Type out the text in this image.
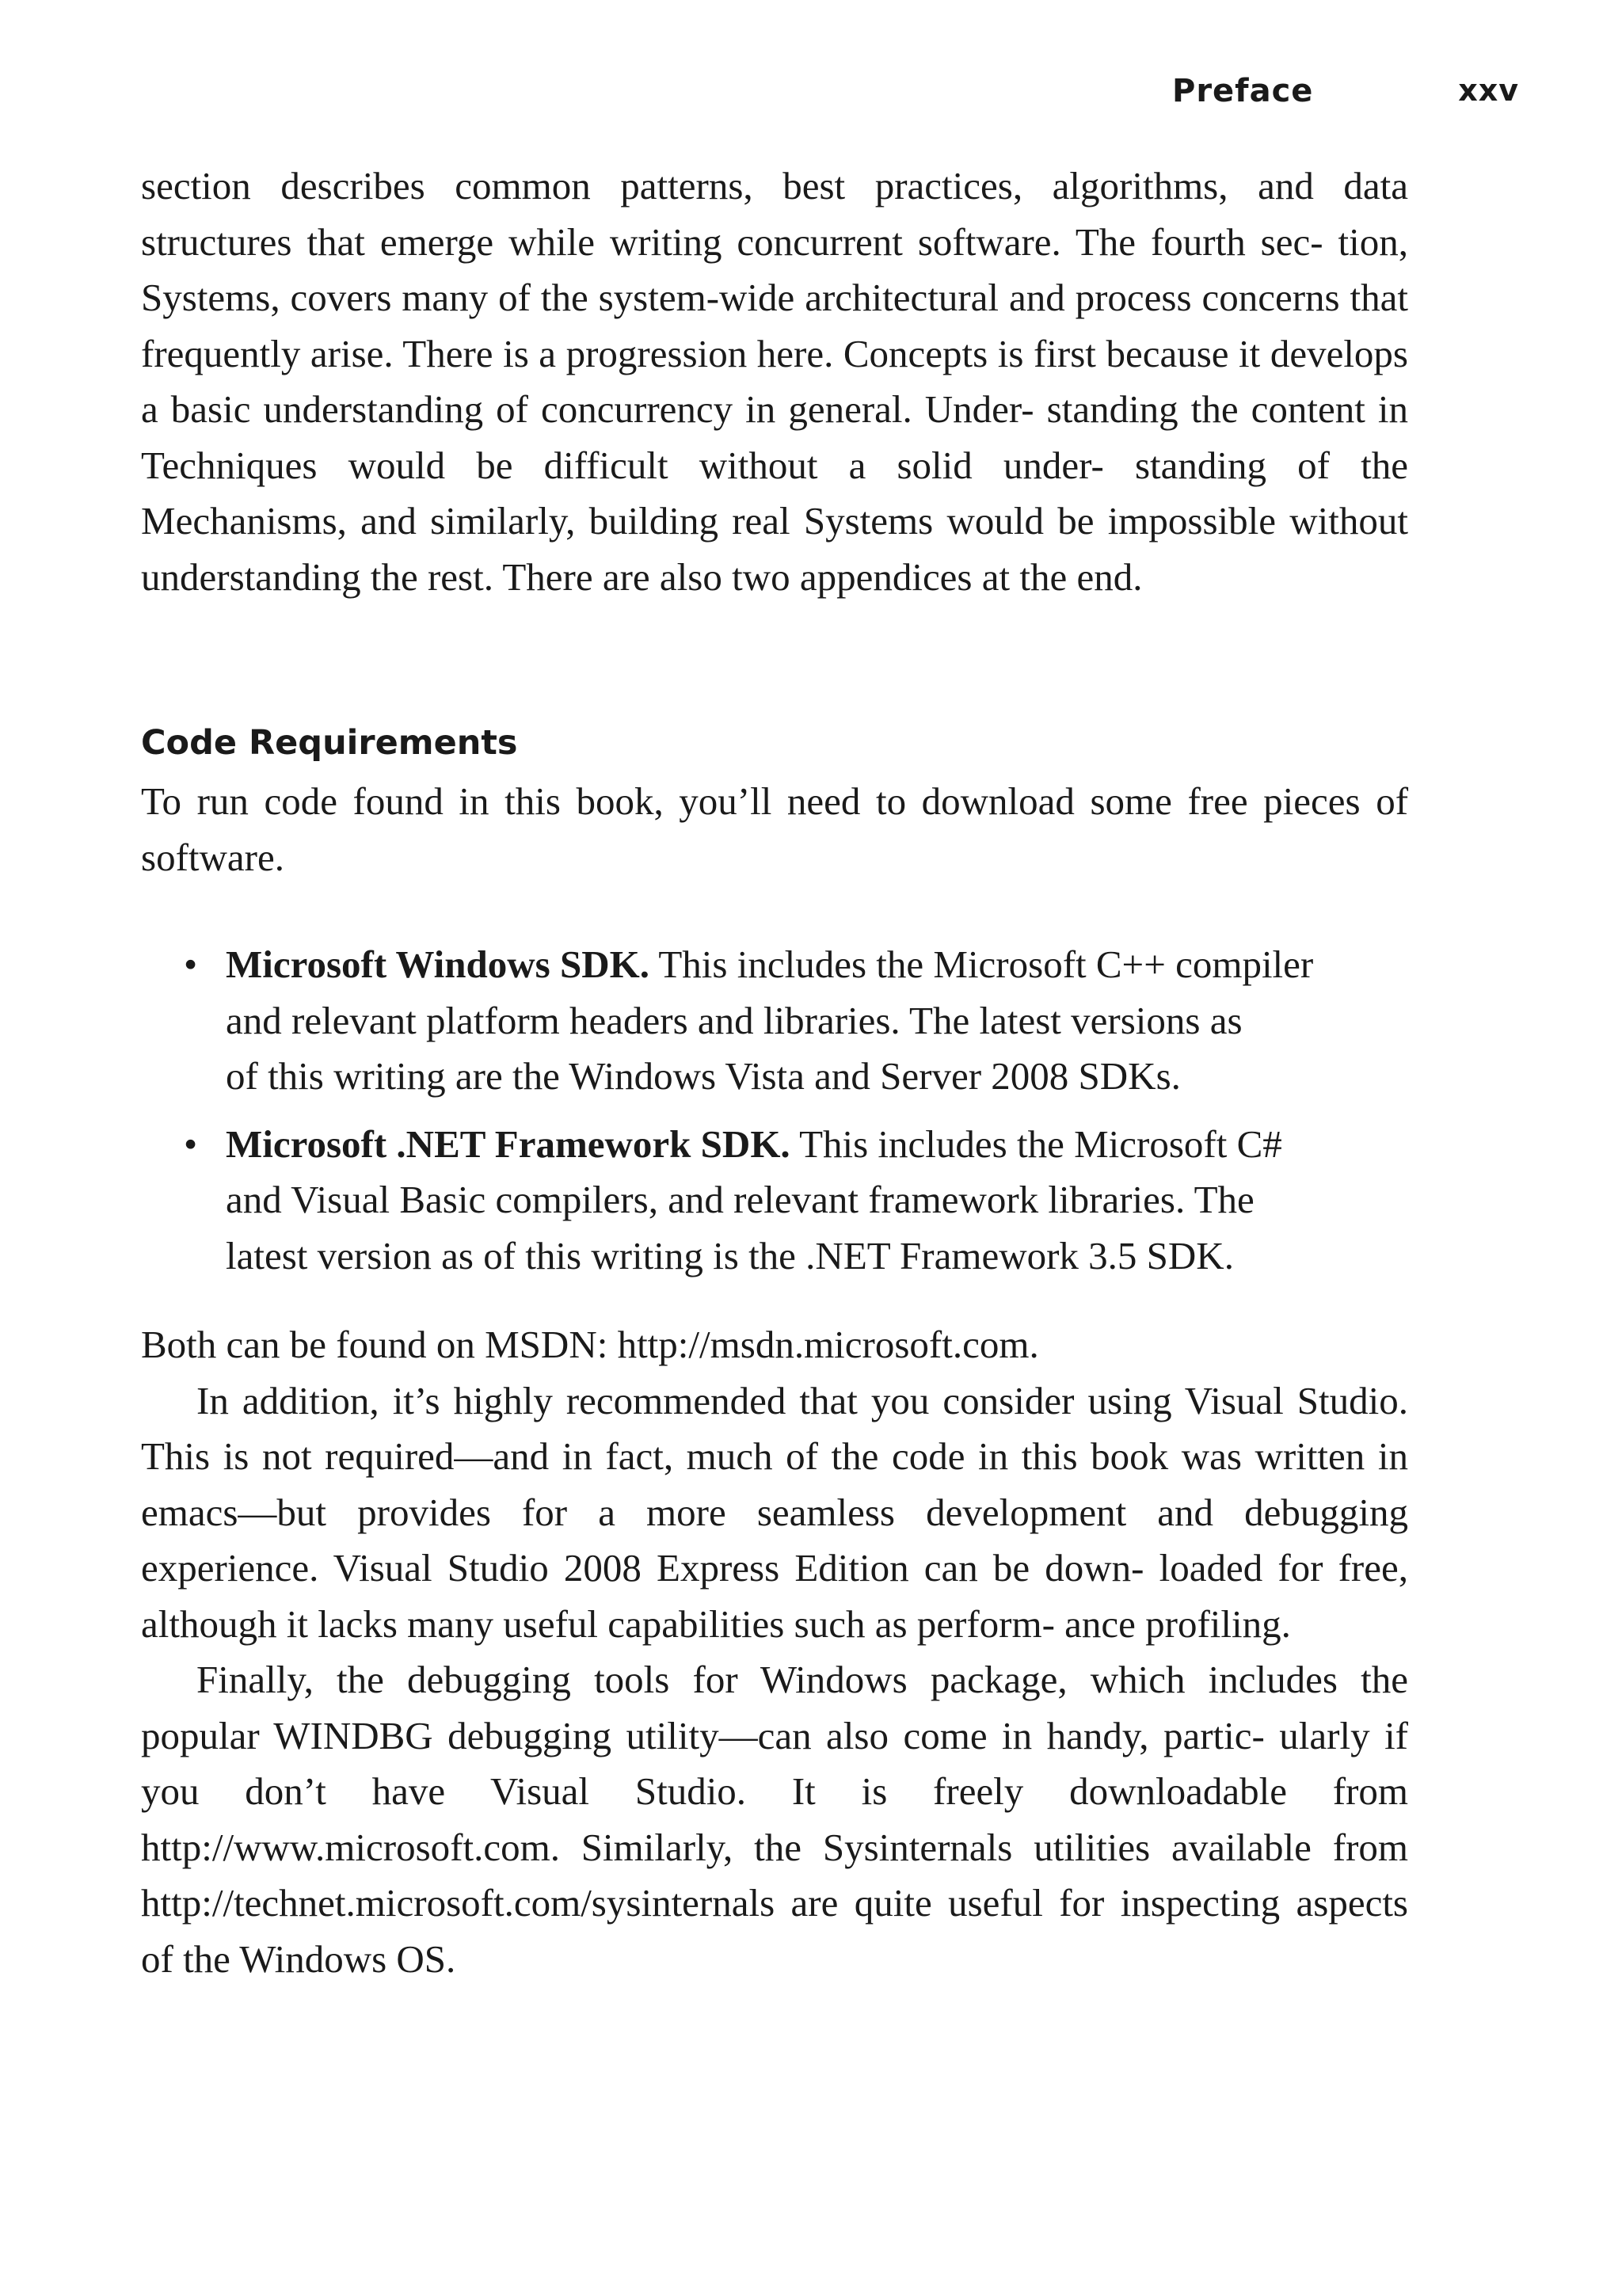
Preface	xxv

section describes common patterns, best practices, algorithms, and data structures that emerge while writing concurrent software. The fourth sec- tion, Systems, covers many of the system-wide architectural and process concerns that frequently arise. There is a progression here. Concepts is first because it develops a basic understanding of concurrency in general. Under- standing the content in Techniques would be difficult without a solid under- standing of the Mechanisms, and similarly, building real Systems would be impossible without understanding the rest. There are also two appendices at the end.

Code Requirements

To run code found in this book, you’ll need to download some free pieces of software.

• Microsoft Windows SDK. This includes the Microsoft C++ compiler
and relevant platform headers and libraries. The latest versions as
of this writing are the Windows Vista and Server 2008 SDKs.
• Microsoft .NET Framework SDK. This includes the Microsoft C#
and Visual Basic compilers, and relevant framework libraries. The
latest version as of this writing is the .NET Framework 3.5 SDK.

Both can be found on MSDN: http://msdn.microsoft.com.

In addition, it’s highly recommended that you consider using Visual Studio. This is not required—and in fact, much of the code in this book was written in emacs—but provides for a more seamless development and debugging experience. Visual Studio 2008 Express Edition can be down- loaded for free, although it lacks many useful capabilities such as perform- ance profiling.

Finally, the debugging tools for Windows package, which includes the popular WINDBG debugging utility—can also come in handy, partic- ularly if you don’t have Visual Studio. It is freely downloadable from http://www.microsoft.com. Similarly, the Sysinternals utilities available from http://technet.microsoft.com/sysinternals are quite useful for inspecting aspects of the Windows OS.
